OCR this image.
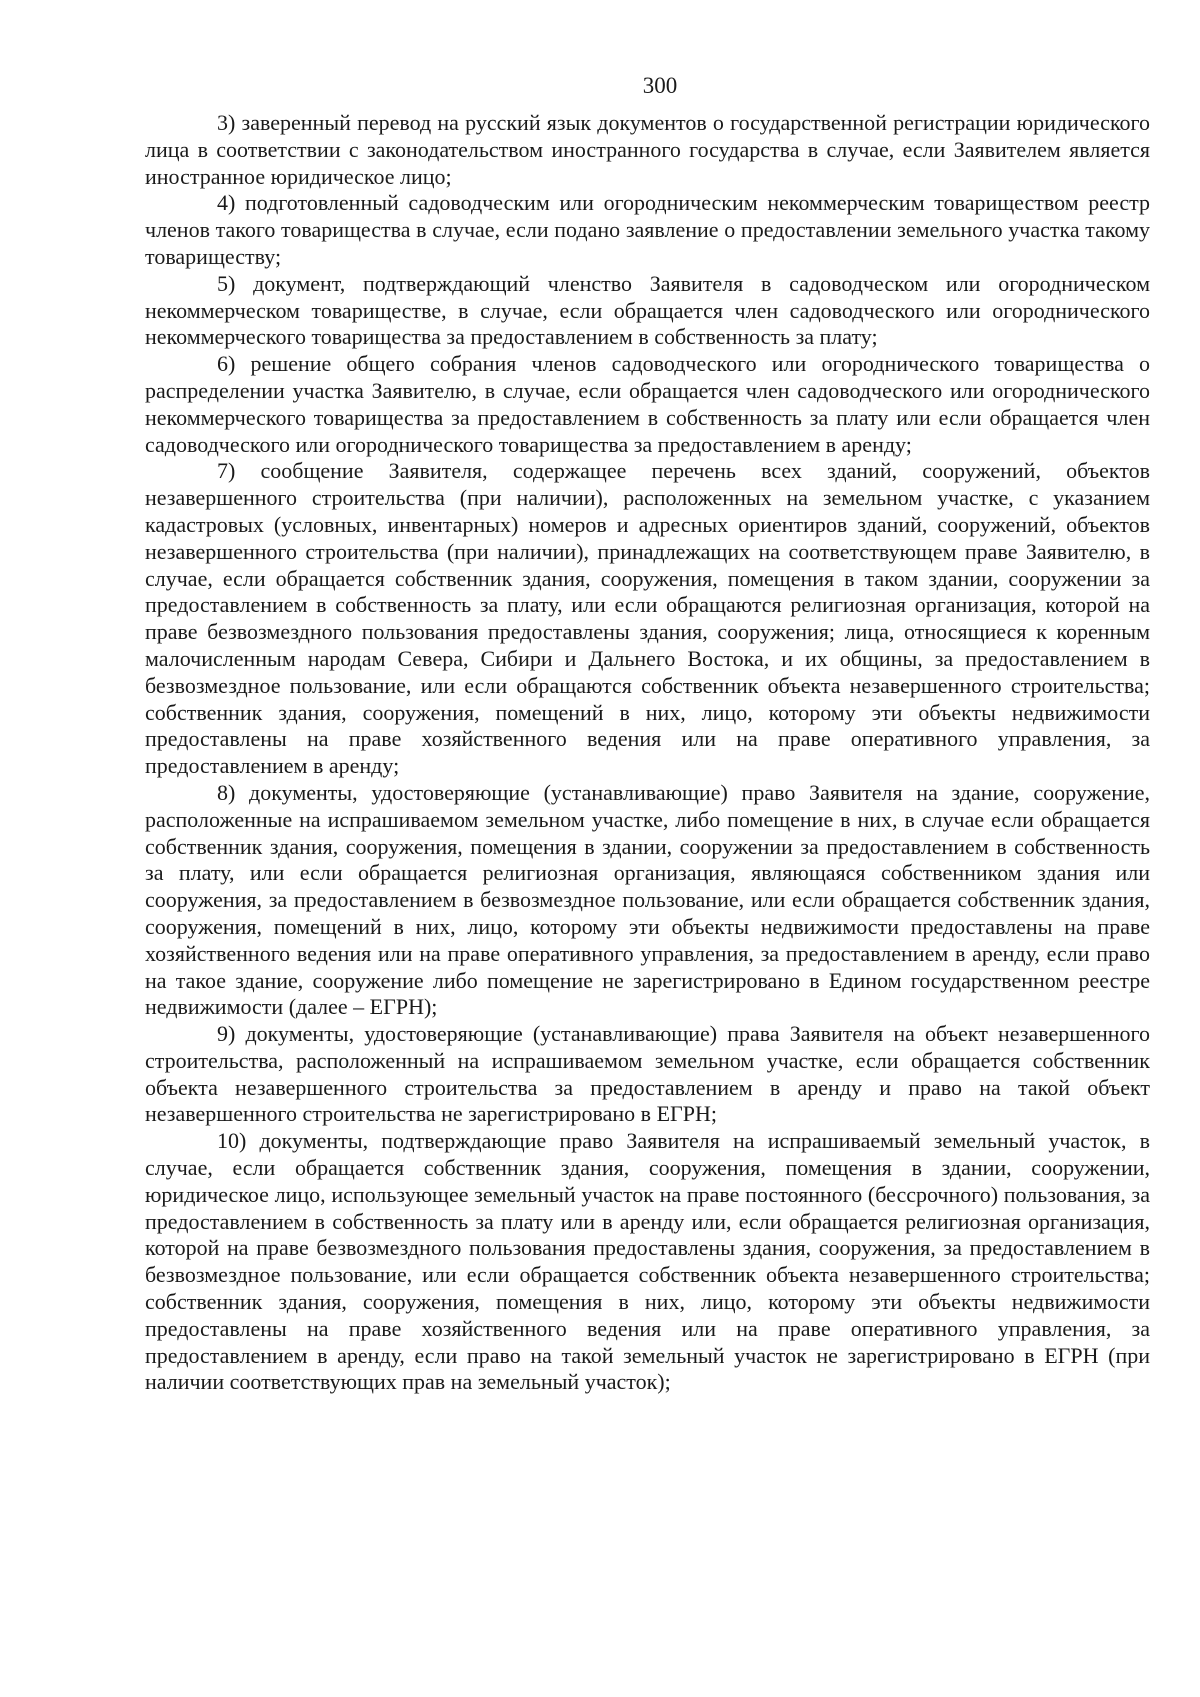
300

3) заверенный перевод на русский язык документов о государственной регистрации юридического лица в соответствии с законодательством иностранного государства в случае, если Заявителем является иностранное юридическое лицо;

4) подготовленный садоводческим или огородническим некоммерческим товариществом реестр членов такого товарищества в случае, если подано заявление о предоставлении земельного участка такому товариществу;

5) документ, подтверждающий членство Заявителя в садоводческом или огородническом некоммерческом товариществе, в случае, если обращается член садоводческого или огороднического некоммерческого товарищества за предоставлением в собственность за плату;

6) решение общего собрания членов садоводческого или огороднического товарищества о распределении участка Заявителю, в случае, если обращается член садоводческого или огороднического некоммерческого товарищества за предоставлением в собственность за плату или если обращается член садоводческого или огороднического товарищества за предоставлением в аренду;

7) сообщение Заявителя, содержащее перечень всех зданий, сооружений, объектов незавершенного строительства (при наличии), расположенных на земельном участке, с указанием кадастровых (условных, инвентарных) номеров и адресных ориентиров зданий, сооружений, объектов незавершенного строительства (при наличии), принадлежащих на соответствующем праве Заявителю, в случае, если обращается собственник здания, сооружения, помещения в таком здании, сооружении за предоставлением в собственность за плату, или если обращаются религиозная организация, которой на праве безвозмездного пользования предоставлены здания, сооружения; лица, относящиеся к коренным малочисленным народам Севера, Сибири и Дальнего Востока, и их общины, за предоставлением в безвозмездное пользование, или если обращаются собственник объекта незавершенного строительства; собственник здания, сооружения, помещений в них, лицо, которому эти объекты недвижимости предоставлены на праве хозяйственного ведения или на праве оперативного управления, за предоставлением в аренду;

8) документы, удостоверяющие (устанавливающие) право Заявителя на здание, сооружение, расположенные на испрашиваемом земельном участке, либо помещение в них, в случае если обращается собственник здания, сооружения, помещения в здании, сооружении за предоставлением в собственность за плату, или если обращается религиозная организация, являющаяся собственником здания или сооружения, за предоставлением в безвозмездное пользование, или если обращается собственник здания, сооружения, помещений в них, лицо, которому эти объекты недвижимости предоставлены на праве хозяйственного ведения или на праве оперативного управления, за предоставлением в аренду, если право на такое здание, сооружение либо помещение не зарегистрировано в Едином государственном реестре недвижимости (далее – ЕГРН);

9) документы, удостоверяющие (устанавливающие) права Заявителя на объект незавершенного строительства, расположенный на испрашиваемом земельном участке, если обращается собственник объекта незавершенного строительства за предоставлением в аренду и право на такой объект незавершенного строительства не зарегистрировано в ЕГРН;

10) документы, подтверждающие право Заявителя на испрашиваемый земельный участок, в случае, если обращается собственник здания, сооружения, помещения в здании, сооружении, юридическое лицо, использующее земельный участок на праве постоянного (бессрочного) пользования, за предоставлением в собственность за плату или в аренду или, если обращается религиозная организация, которой на праве безвозмездного пользования предоставлены здания, сооружения, за предоставлением в безвозмездное пользование, или если обращается собственник объекта незавершенного строительства; собственник здания, сооружения, помещения в них, лицо, которому эти объекты недвижимости предоставлены на праве хозяйственного ведения или на праве оперативного управления, за предоставлением в аренду, если право на такой земельный участок не зарегистрировано в ЕГРН (при наличии соответствующих прав на земельный участок);
